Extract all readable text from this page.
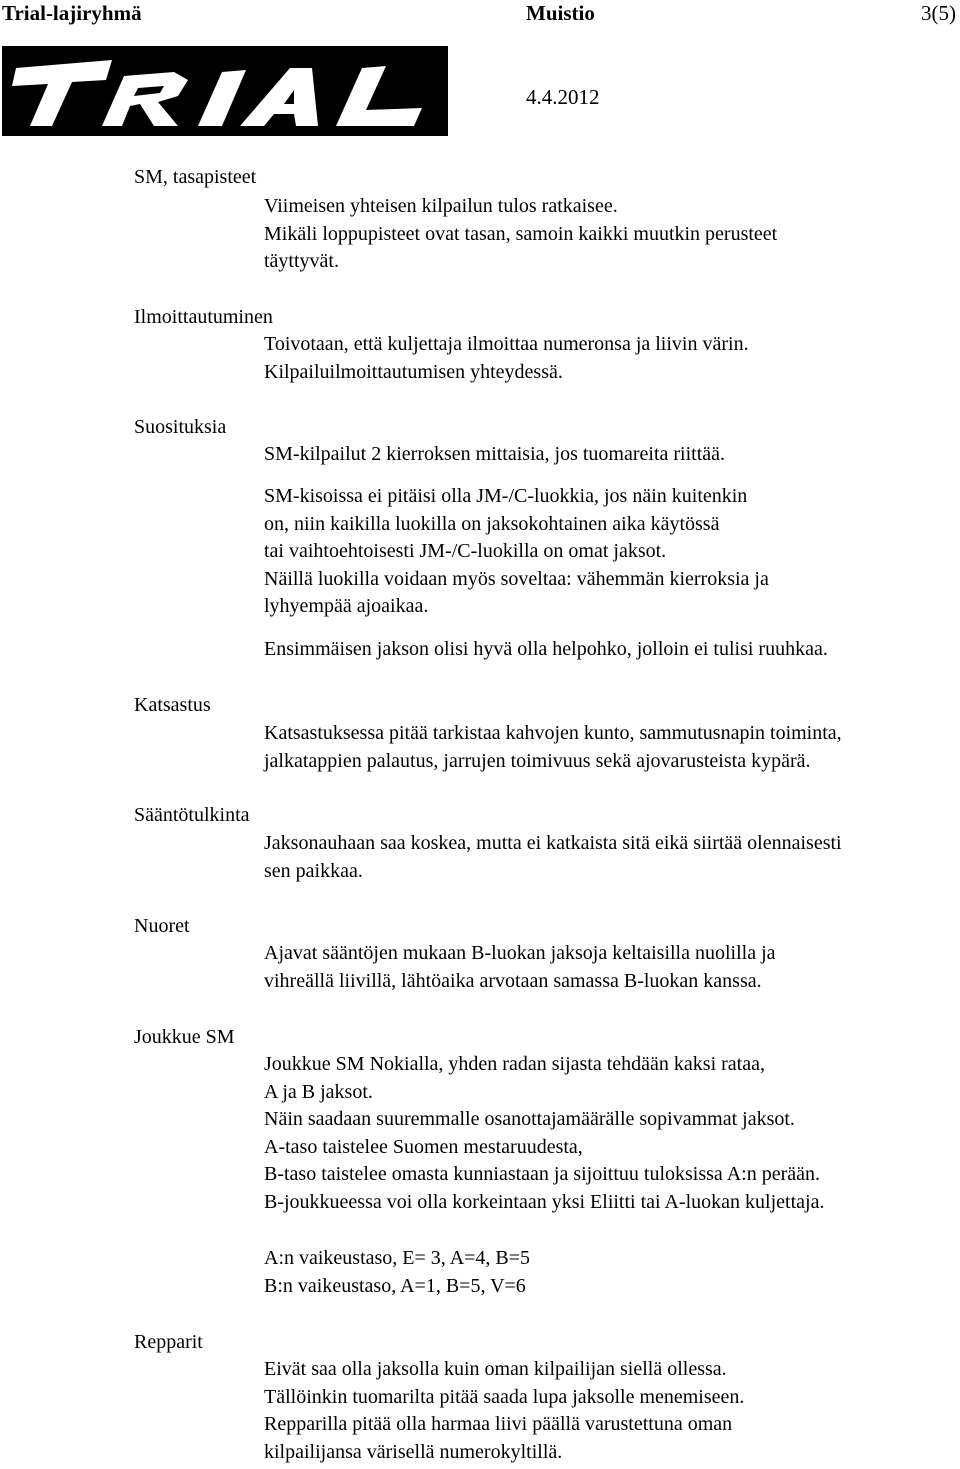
Trial-lajiryhmä	Muistio	3(5)
4.4.2012
SM, tasapisteet
Viimeisen yhteisen kilpailun tulos ratkaisee.
Mikäli loppupisteet ovat tasan, samoin kaikki muutkin perusteet
täyttyvät.
Ilmoittautuminen
Toivotaan, että kuljettaja ilmoittaa numeronsa ja liivin värin.
Kilpailuilmoittautumisen yhteydessä.
Suosituksia
SM-kilpailut 2 kierroksen mittaisia, jos tuomareita riittää.
SM-kisoissa ei pitäisi olla JM-/C-luokkia, jos näin kuitenkin
on, niin kaikilla luokilla on jaksokohtainen aika käytössä
tai vaihtoehtoisesti JM-/C-luokilla on omat jaksot.
Näillä luokilla voidaan myös soveltaa: vähemmän kierroksia ja
lyhyempää ajoaikaa.
Ensimmäisen jakson olisi hyvä olla helpohko, jolloin ei tulisi ruuhkaa.
Katsastus
Katsastuksessa pitää tarkistaa kahvojen kunto, sammutusnapin toiminta,
jalkatappien palautus, jarrujen toimivuus sekä ajovarusteista kypärä.
Sääntötulkinta
Jaksonauhaan saa koskea, mutta ei katkaista sitä eikä siirtää olennaisesti
sen paikkaa.
Nuoret
Ajavat sääntöjen mukaan B-luokan jaksoja keltaisilla nuolilla ja
vihreällä liivillä, lähtöaika arvotaan samassa B-luokan kanssa.
Joukkue SM
Joukkue SM Nokialla, yhden radan sijasta tehdään kaksi rataa,
A ja B jaksot.
Näin saadaan suuremmalle osanottajamäärälle sopivammat jaksot.
A-taso taistelee Suomen mestaruudesta,
B-taso taistelee omasta kunniastaan ja sijoittuu tuloksissa A:n perään.
B-joukkueessa voi olla korkeintaan yksi Eliitti tai A-luokan kuljettaja.
A:n vaikeustaso, E= 3, A=4, B=5
B:n vaikeustaso, A=1, B=5, V=6
Repparit
Eivät saa olla jaksolla kuin oman kilpailijan siellä ollessa.
Tällöinkin tuomarilta pitää saada lupa jaksolle menemiseen.
Repparilla pitää olla harmaa liivi päällä varustettuna oman
kilpailijansa värisellä numerokyltillä.
